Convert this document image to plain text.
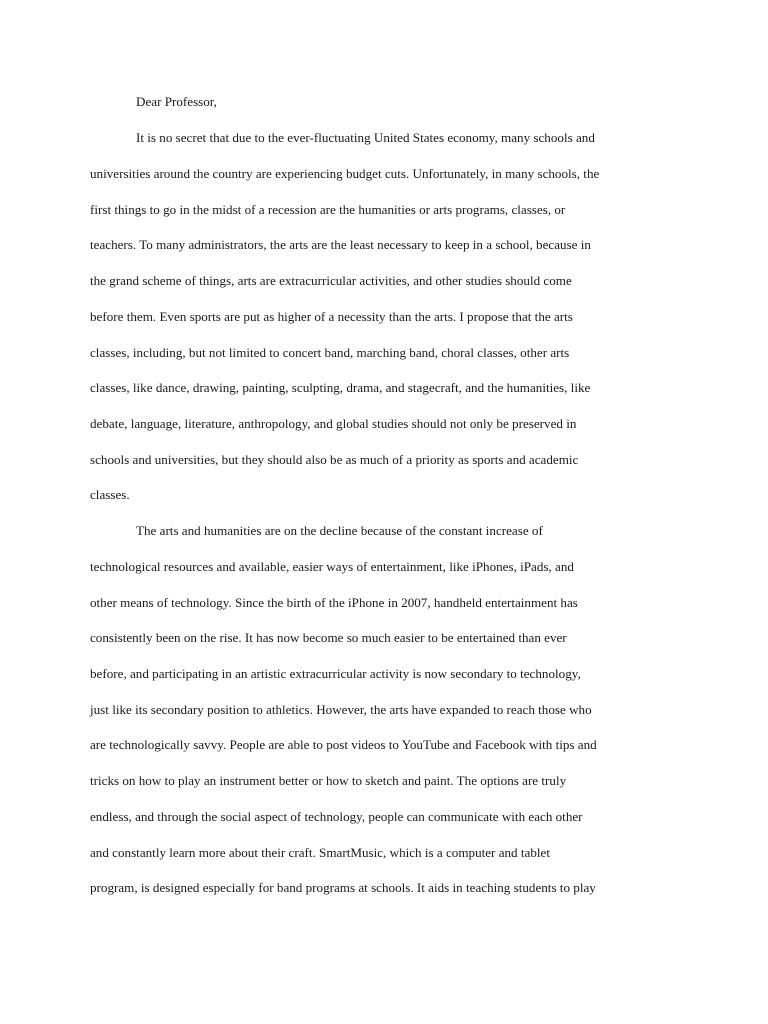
Dear Professor,
It is no secret that due to the ever-fluctuating United States economy, many schools and
universities around the country are experiencing budget cuts. Unfortunately, in many schools, the
first things to go in the midst of a recession are the humanities or arts programs, classes, or
teachers. To many administrators, the arts are the least necessary to keep in a school, because in
the grand scheme of things, arts are extracurricular activities, and other studies should come
before them. Even sports are put as higher of a necessity than the arts. I propose that the arts
classes, including, but not limited to concert band, marching band, choral classes, other arts
classes, like dance, drawing, painting, sculpting, drama, and stagecraft, and the humanities, like
debate, language, literature, anthropology, and global studies should not only be preserved in
schools and universities, but they should also be as much of a priority as sports and academic
classes.
The arts and humanities are on the decline because of the constant increase of
technological resources and available, easier ways of entertainment, like iPhones, iPads, and
other means of technology. Since the birth of the iPhone in 2007, handheld entertainment has
consistently been on the rise. It has now become so much easier to be entertained than ever
before, and participating in an artistic extracurricular activity is now secondary to technology,
just like its secondary position to athletics. However, the arts have expanded to reach those who
are technologically savvy. People are able to post videos to YouTube and Facebook with tips and
tricks on how to play an instrument better or how to sketch and paint. The options are truly
endless, and through the social aspect of technology, people can communicate with each other
and constantly learn more about their craft. SmartMusic, which is a computer and tablet
program, is designed especially for band programs at schools. It aids in teaching students to play
